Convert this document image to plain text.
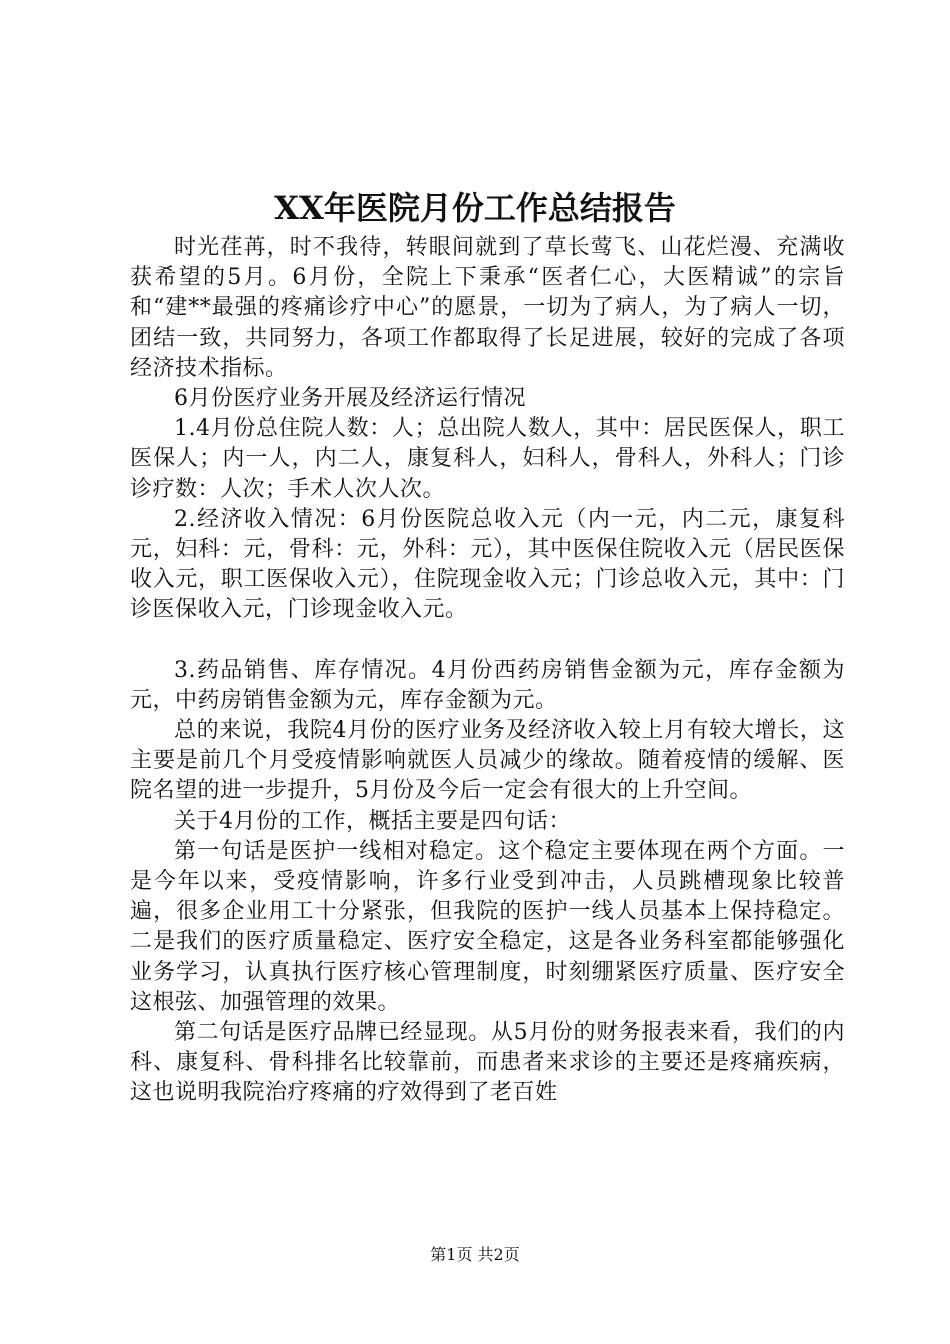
XX年医院月份工作总结报告

时光荏苒，时不我待，转眼间就到了草长莺飞、山花烂漫、充满收获希望的5月。6月份，全院上下秉承“医者仁心，大医精诚”的宗旨和“建**最强的疼痛诊疗中心”的愿景，一切为了病人，为了病人一切，团结一致，共同努力，各项工作都取得了长足进展，较好的完成了各项经济技术指标。

6月份医疗业务开展及经济运行情况

1.4月份总住院人数：人；总出院人数人，其中：居民医保人，职工医保人；内一人，内二人，康复科人，妇科人，骨科人，外科人；门诊诊疗数：人次；手术人次人次。

2.经济收入情况：6月份医院总收入元（内一元，内二元，康复科元，妇科：元，骨科：元，外科：元），其中医保住院收入元（居民医保收入元，职工医保收入元），住院现金收入元；门诊总收入元，其中：门诊医保收入元，门诊现金收入元。

3.药品销售、库存情况。4月份西药房销售金额为元，库存金额为元，中药房销售金额为元，库存金额为元。

总的来说，我院4月份的医疗业务及经济收入较上月有较大增长，这主要是前几个月受疫情影响就医人员减少的缘故。随着疫情的缓解、医院名望的进一步提升，5月份及今后一定会有很大的上升空间。

关于4月份的工作，概括主要是四句话：

第一句话是医护一线相对稳定。这个稳定主要体现在两个方面。一是今年以来，受疫情影响，许多行业受到冲击，人员跳槽现象比较普遍，很多企业用工十分紧张，但我院的医护一线人员基本上保持稳定。二是我们的医疗质量稳定、医疗安全稳定，这是各业务科室都能够强化业务学习，认真执行医疗核心管理制度，时刻绷紧医疗质量、医疗安全这根弦、加强管理的效果。

第二句话是医疗品牌已经显现。从5月份的财务报表来看，我们的内科、康复科、骨科排名比较靠前，而患者来求诊的主要还是疼痛疾病，这也说明我院治疗疼痛的疗效得到了老百姓

第1页 共2页
